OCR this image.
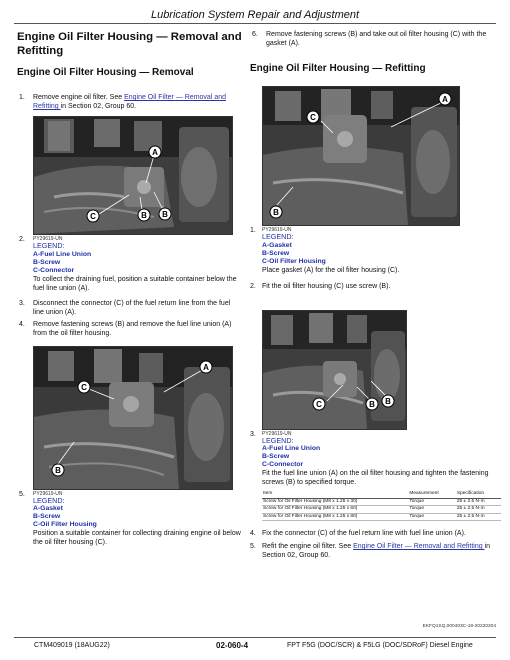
Lubrication System Repair and Adjustment
Engine Oil Filter Housing — Removal and Refitting
Engine Oil Filter Housing — Removal
1. Remove engine oil filter. See Engine Oil Filter — Removal and Refitting in Section 02, Group 60.
A
C	B B
PY29619-UN
2.
LEGEND:
A-Fuel Line Union
B-Screw
C-Connector
To collect the draining fuel, position a suitable container below the fuel line union (A).
3. Disconnect the connector (C) of the fuel return line from the fuel line union (A).
4. Remove fastening screws (B) and remove the fuel line union (A) from the oil filter housing.
A
C
B
PY29619-UN
5.
LEGEND:
A-Gasket
B-Screw
C-Oil Filter Housing
Position a suitable container for collecting draining engine oil below the oil filter housing (C).
6. Remove fastening screws (B) and take out oil filter housing (C) with the gasket (A).
Engine Oil Filter Housing — Refitting
A
C
B
PY29619-UN
1.
LEGEND:
A-Gasket
B-Screw
C-Oil Filter Housing
Place gasket (A) for the oil filter housing (C).
2. Fit the oil filter housing (C) use screw (B).
C	B B
PY29619-UN
3.
LEGEND:
A-Fuel Line Union
B-Screw
C-Connector
Fit the fuel line union (A) on the oil filter housing and tighten the fastening screws (B) to specified torque.
Item	Measurement	Specification
Screw for Oil Filter Housing (M8 x 1.25 x 30)	Torque	25 ± 2.5 N·m
Screw for Oil Filter Housing (M8 x 1.25 x 60)	Torque	25 ± 2.5 N·m
Screw for Oil Filter Housing (M8 x 1.25 x 80)	Torque	25 ± 2.5 N·m
4. Fix the connector (C) of the fuel return line with fuel line union (A).
5. Refit the engine oil filter. See Engine Oil Filter — Removal and Refitting in Section 02, Group 60.
EKFQ1SQ,000403C-19-20220204
CTM409019 (18AUG22)	02-060-4	FPT F5G (DOC/SCR) & F5LG (DOC/SDRoF) Diesel Engine
